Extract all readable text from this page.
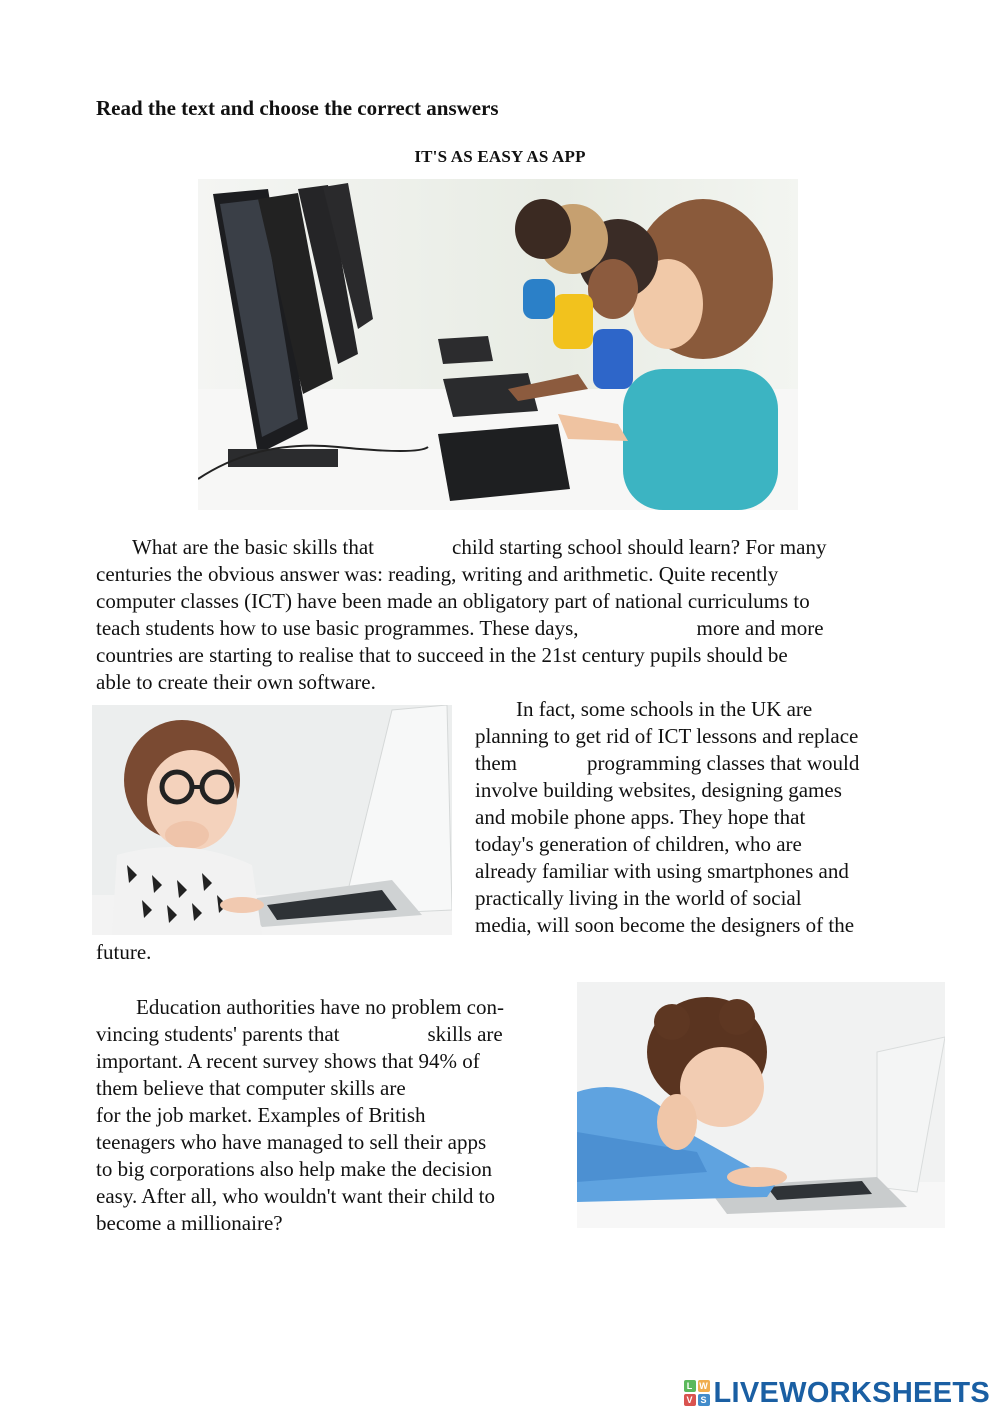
Read the text and choose the correct answers
IT'S AS EASY AS APP
What are the basic skills that	child starting school should learn? For many
centuries the obvious answer was: reading, writing and arithmetic. Quite recently
computer classes (ICT) have been made an obligatory part of national curriculums to
teach students how to use basic programmes. These days,	more and more
countries are starting to realise that to succeed in the 21st century pupils should be
able to create their own software.
In fact, some schools in the UK are
planning to get rid of ICT lessons and replace
them	programming classes that would
involve building websites, designing games
and mobile phone apps. They hope that
today's generation of children, who are
already familiar with using smartphones and
practically living in the world of social
media, will soon become the designers of the
future.
Education authorities have no problem con-
vincing students' parents that	skills are
important. A recent survey shows that 94% of
them believe that computer skills are
for the job market. Examples of British
teenagers who have managed to sell their apps
to big corporations also help make the decision
easy. After all, who wouldn't want their child to
become a millionaire?
L W
V S LIVEWORKSHEETS
